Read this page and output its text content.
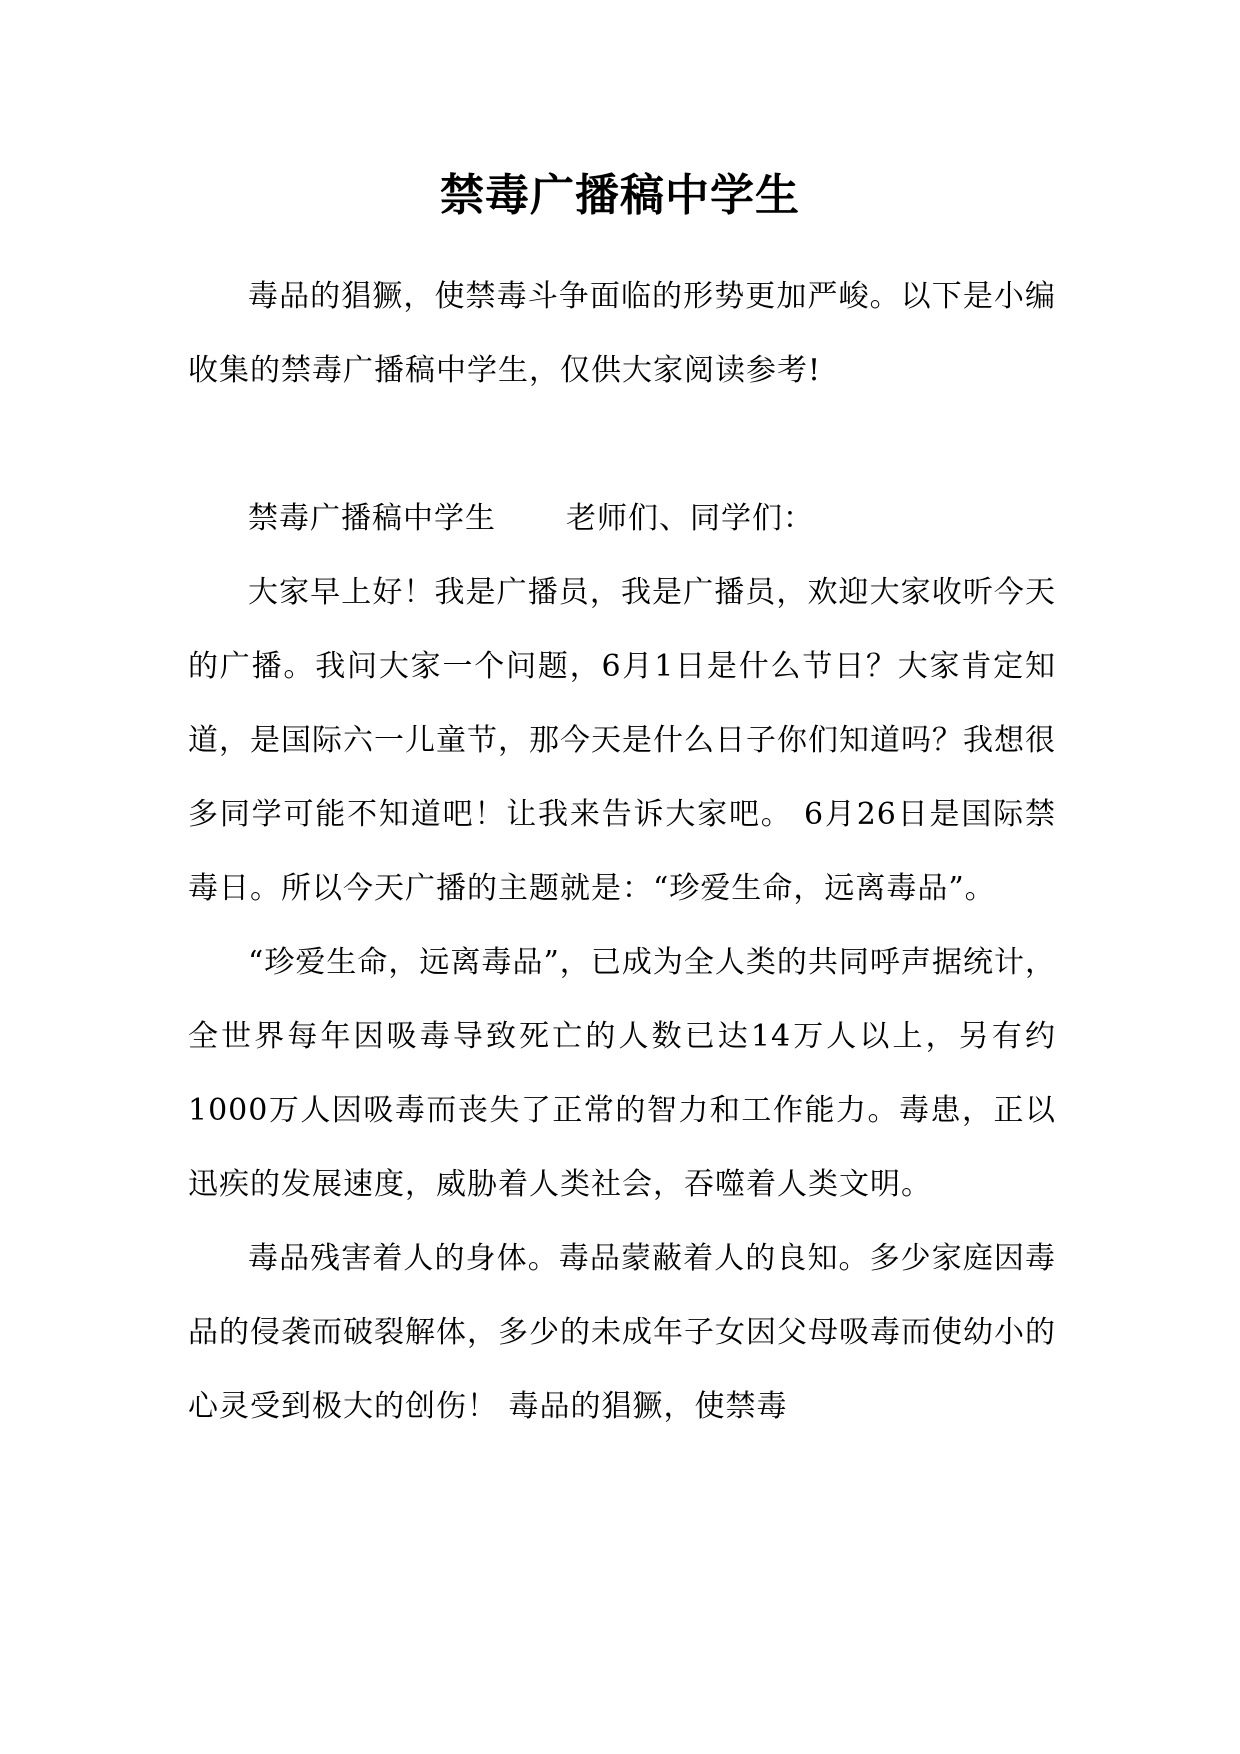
禁毒广播稿中学生

毒品的猖獗，使禁毒斗争面临的形势更加严峻。以下是小编收集的禁毒广播稿中学生，仅供大家阅读参考!

禁毒广播稿中学生 老师们、同学们：

大家早上好！我是广播员，我是广播员，欢迎大家收听今天的广播。我问大家一个问题，6月1日是什么节日？大家肯定知道，是国际六一儿童节，那今天是什么日子你们知道吗？我想很多同学可能不知道吧！让我来告诉大家吧。 6月26日是国际禁毒日。所以今天广播的主题就是：“珍爱生命，远离毒品”。

“珍爱生命，远离毒品”，已成为全人类的共同呼声据统计，全世界每年因吸毒导致死亡的人数已达14万人以上，另有约1000万人因吸毒而丧失了正常的智力和工作能力。毒患，正以迅疾的发展速度，威胁着人类社会，吞噬着人类文明。

毒品残害着人的身体。毒品蒙蔽着人的良知。多少家庭因毒品的侵袭而破裂解体，多少的未成年子女因父母吸毒而使幼小的心灵受到极大的创伤！ 毒品的猖獗，使禁毒
